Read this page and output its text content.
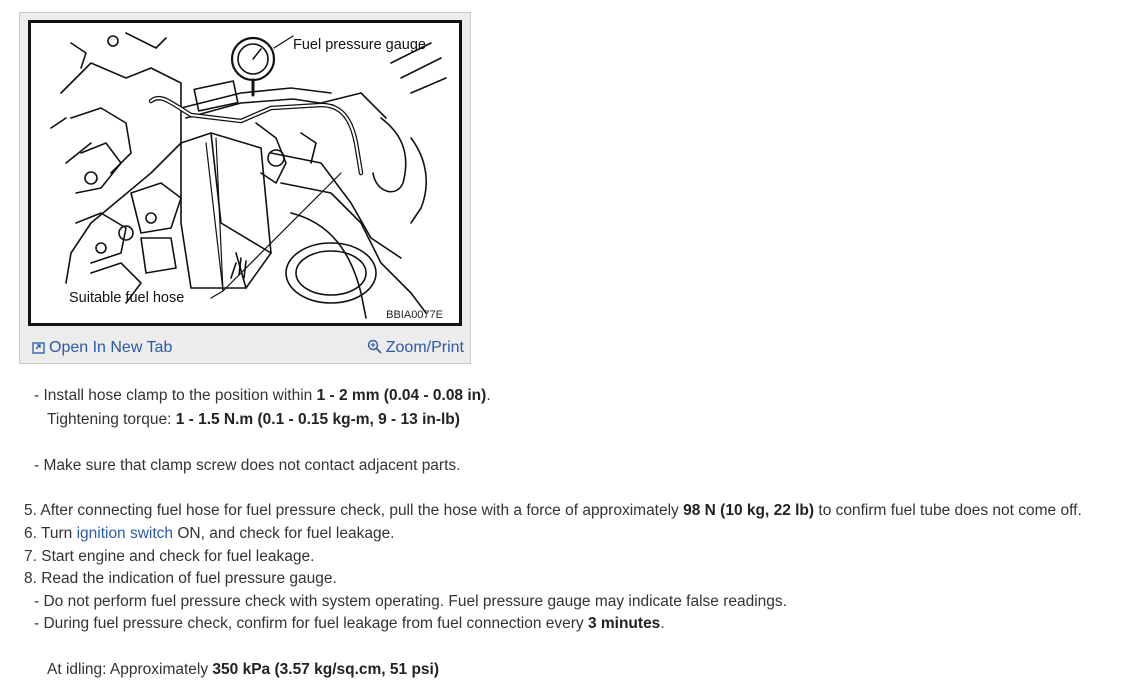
Fuel pressure gauge
Suitable fuel hose
BBIA0077E
Open In New Tab	Zoom/Print
- Install hose clamp to the position within 1 - 2 mm (0.04 - 0.08 in).
Tightening torque: 1 - 1.5 N.m (0.1 - 0.15 kg-m, 9 - 13 in-lb)
- Make sure that clamp screw does not contact adjacent parts.
5. After connecting fuel hose for fuel pressure check, pull the hose with a force of approximately 98 N (10 kg, 22 lb) to confirm fuel tube does not come off.
6. Turn ignition switch ON, and check for fuel leakage.
7. Start engine and check for fuel leakage.
8. Read the indication of fuel pressure gauge.
- Do not perform fuel pressure check with system operating. Fuel pressure gauge may indicate false readings.
- During fuel pressure check, confirm for fuel leakage from fuel connection every 3 minutes.
At idling: Approximately 350 kPa (3.57 kg/sq.cm, 51 psi)
